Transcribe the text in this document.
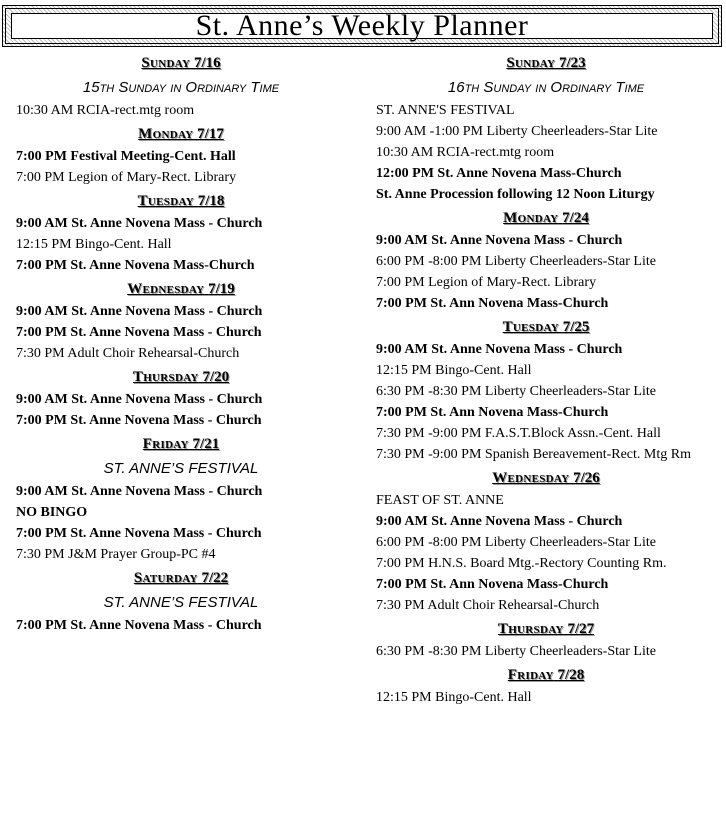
St. Anne’s Weekly Planner
Sunday 7/16
15th Sunday in Ordinary Time
10:30 AM RCIA-rect.mtg room
Monday 7/17
7:00 PM Festival Meeting-Cent. Hall
7:00 PM Legion of Mary-Rect. Library
Tuesday 7/18
9:00 AM St. Anne Novena Mass - Church
12:15 PM Bingo-Cent. Hall
7:00 PM St. Anne Novena Mass-Church
Wednesday 7/19
9:00 AM St. Anne Novena Mass - Church
7:00 PM St. Anne Novena Mass - Church
7:30 PM Adult Choir Rehearsal-Church
Thursday 7/20
9:00 AM St. Anne Novena Mass - Church
7:00 PM St. Anne Novena Mass - Church
Friday 7/21
ST. ANNE’S FESTIVAL
9:00 AM St. Anne Novena Mass - Church
NO BINGO
7:00 PM St. Anne Novena Mass - Church
7:30 PM J&M Prayer Group-PC #4
Saturday 7/22
ST. ANNE’S FESTIVAL
7:00 PM St. Anne Novena Mass - Church
Sunday 7/23
16th Sunday in Ordinary Time
ST. ANNE'S FESTIVAL
9:00 AM -1:00 PM Liberty Cheerleaders-Star Lite
10:30 AM RCIA-rect.mtg room
12:00 PM St. Anne Novena Mass-Church
St. Anne Procession following 12 Noon Liturgy
Monday 7/24
9:00 AM St. Anne Novena Mass - Church
6:00 PM -8:00 PM Liberty Cheerleaders-Star Lite
7:00 PM Legion of Mary-Rect. Library
7:00 PM St. Ann Novena Mass-Church
Tuesday 7/25
9:00 AM St. Anne Novena Mass - Church
12:15 PM Bingo-Cent. Hall
6:30 PM -8:30 PM Liberty Cheerleaders-Star Lite
7:00 PM St. Ann Novena Mass-Church
7:30 PM -9:00 PM F.A.S.T.Block Assn.-Cent. Hall
7:30 PM -9:00 PM Spanish Bereavement-Rect. Mtg Rm
Wednesday 7/26
FEAST OF ST. ANNE
9:00 AM St. Anne Novena Mass - Church
6:00 PM -8:00 PM Liberty Cheerleaders-Star Lite
7:00 PM H.N.S. Board Mtg.-Rectory Counting Rm.
7:00 PM St. Ann Novena Mass-Church
7:30 PM Adult Choir Rehearsal-Church
Thursday 7/27
6:30 PM -8:30 PM Liberty Cheerleaders-Star Lite
Friday 7/28
12:15 PM Bingo-Cent. Hall
